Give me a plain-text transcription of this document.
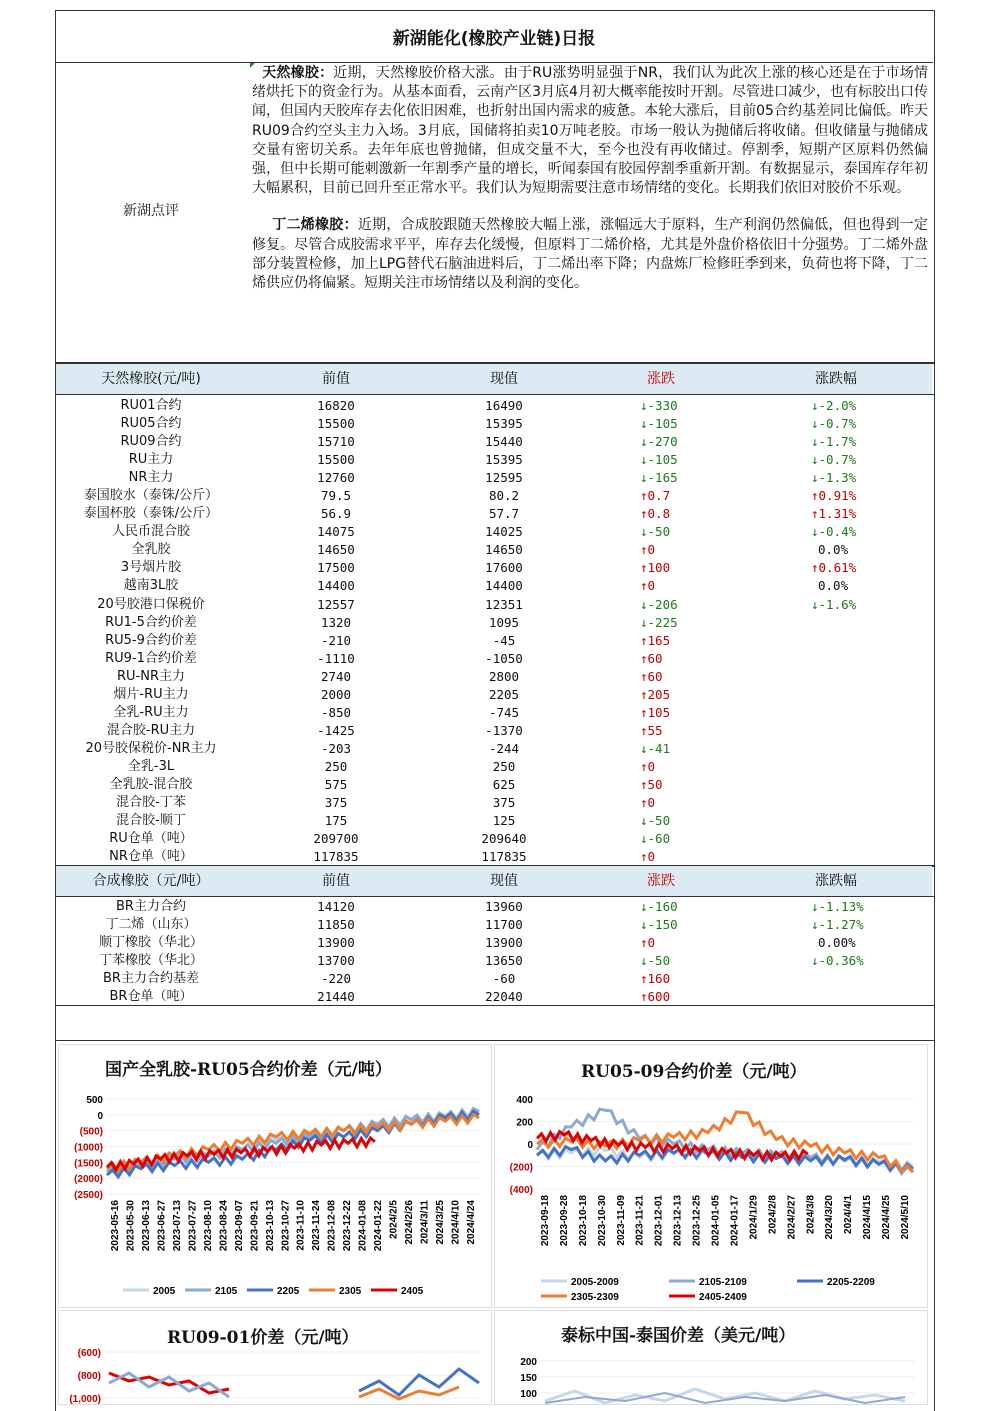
新湖能化(橡胶产业链)日报
新湖点评

天然橡胶：近期，天然橡胶价格大涨。由于RU涨势明显强于NR，我们认为此次上涨的核心还是在于市场情绪烘托下的资金行为。从基本面看，云南产区3月底4月初大概率能按时开割。尽管进口减少，也有标胶出口传闻，但国内天胶库存去化依旧困难，也折射出国内需求的疲惫。本轮大涨后，目前05合约基差同比偏低。昨天RU09合约空头主力入场。3月底，国储将拍卖10万吨老胶。市场一般认为抛储后将收储。但收储量与抛储成交量有密切关系。去年年底也曾抛储，但成交量不大，至今也没有再收储过。停割季，短期产区原料仍然偏强，但中长期可能刺激新一年割季产量的增长，听闻泰国有胶园停割季重新开割。有数据显示，泰国库存年初大幅累积，目前已回升至正常水平。我们认为短期需要注意市场情绪的变化。长期我们依旧对胶价不乐观。

丁二烯橡胶：近期，合成胶跟随天然橡胶大幅上涨，涨幅远大于原料，生产利润仍然偏低，但也得到一定修复。尽管合成胶需求平平，库存去化缓慢，但原料丁二烯价格，尤其是外盘价格依旧十分强势。丁二烯外盘部分装置检修，加上LPG替代石脑油进料后，丁二烯出率下降；内盘炼厂检修旺季到来，负荷也将下降，丁二烯供应仍将偏紧。短期关注市场情绪以及利润的变化。

天然橡胶(元/吨)	前值	现值	涨跌	涨跌幅
RU01合约	16820	16490	↓-330	↓-2.0%
RU05合约	15500	15395	↓-105	↓-0.7%
RU09合约	15710	15440	↓-270	↓-1.7%
RU主力	15500	15395	↓-105	↓-0.7%
NR主力	12760	12595	↓-165	↓-1.3%
泰国胶水（泰铢/公斤）	79.5	80.2	↑0.7	↑0.91%
泰国杯胶（泰铢/公斤）	56.9	57.7	↑0.8	↑1.31%
人民币混合胶	14075	14025	↓-50	↓-0.4%
全乳胶	14650	14650	↑0	0.0%
3号烟片胶	17500	17600	↑100	↑0.61%
越南3L胶	14400	14400	↑0	0.0%
20号胶港口保税价	12557	12351	↓-206	↓-1.6%
RU1-5合约价差	1320	1095	↓-225
RU5-9合约价差	-210	-45	↑165
RU9-1合约价差	-1110	-1050	↑60
RU-NR主力	2740	2800	↑60
烟片-RU主力	2000	2205	↑205
全乳-RU主力	-850	-745	↑105
混合胶-RU主力	-1425	-1370	↑55
20号胶保税价-NR主力	-203	-244	↓-41
全乳-3L	250	250	↑0
全乳胶-混合胶	575	625	↑50
混合胶-丁苯	375	375	↑0
混合胶-顺丁	175	125	↓-50
RU仓单（吨）	209700	209640	↓-60
NR仓单（吨）	117835	117835	↑0
合成橡胶（元/吨）	前值	现值	涨跌	涨跌幅
BR主力合约	14120	13960	↓-160	↓-1.13%
丁二烯（山东）	11850	11700	↓-150	↓-1.27%
顺丁橡胶（华北）	13900	13900	↑0	0.00%
丁苯橡胶（华北）	13700	13650	↓-50	↓-0.36%
BR主力合约基差	-220	-60	↑160
BR仓单（吨）	21440	22040	↑600
国产全乳胶-RU05合约价差（元/吨）
500
0
(500)
(1000)
(1500)
(2000)
(2500)
2023-05-16 2023-05-30 2023-06-13 2023-06-27 2023-07-13 2023-07-27 2023-08-10 2023-08-24 2023-09-07 2023-09-21 2023-10-13 2023-10-27 2023-11-10 2023-11-24 2023-12-08 2023-12-22 2024-01-08 2024-01-22 2024/2/5 2024/2/26 2024/3/11 2024/3/25 2024/4/10 2024/4/24
2005	2105	2205	2305	2405
RU05-09合约价差（元/吨）
400
200
0
(200)
(400)
2023-09-18 2023-09-28 2023-10-18 2023-10-30 2023-11-09 2023-11-21 2023-12-01 2023-12-13 2023-12-25 2024-01-05 2024-01-17 2024/1/29 2024/2/8 2024/2/27 2024/3/8 2024/3/20 2024/4/1 2024/4/15 2024/4/25 2024/5/10
2005-2009	2105-2109	2205-2209
2305-2309	2405-2409
RU09-01价差（元/吨）
(600)
(800)
(1,000)
泰标中国-泰国价差（美元/吨）
200
150
100
